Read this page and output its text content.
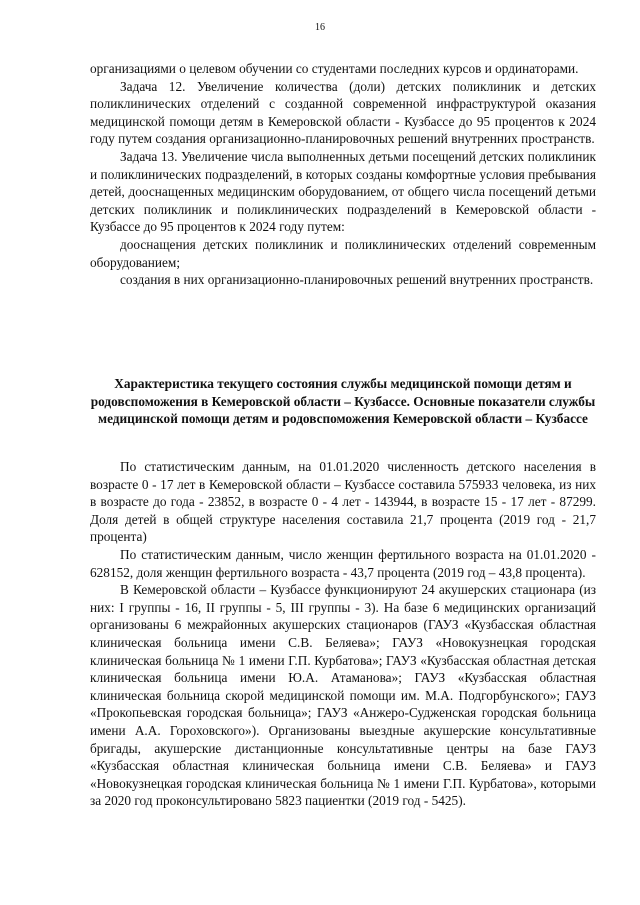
16

организациями о целевом обучении со студентами последних курсов и ординаторами.

Задача 12. Увеличение количества (доли) детских поликлиник и детских поликлинических отделений с созданной современной инфраструктурой оказания медицинской помощи детям в Кемеровской области - Кузбассе до 95 процентов к 2024 году путем создания организационно-планировочных решений внутренних пространств.

Задача 13. Увеличение числа выполненных детьми посещений детских поликлиник и поликлинических подразделений, в которых созданы комфортные условия пребывания детей, дооснащенных медицинским оборудованием, от общего числа посещений детьми детских поликлиник и поликлинических подразделений в Кемеровской области - Кузбассе до 95 процентов к 2024 году путем:

дооснащения детских поликлиник и поликлинических отделений современным оборудованием;

создания в них организационно-планировочных решений внутренних пространств.

Характеристика текущего состояния службы медицинской помощи детям и родовспоможения в Кемеровской области – Кузбассе. Основные показатели службы медицинской помощи детям и родовспоможения Кемеровской области – Кузбассе

По статистическим данным, на 01.01.2020 численность детского населения в возрасте 0 - 17 лет в Кемеровской области – Кузбассе составила 575933 человека, из них в возрасте до года - 23852, в возрасте 0 - 4 лет - 143944, в возрасте 15 - 17 лет - 87299. Доля детей в общей структуре населения составила 21,7 процента (2019 год - 21,7 процента)

По статистическим данным, число женщин фертильного возраста на 01.01.2020 - 628152, доля женщин фертильного возраста - 43,7 процента (2019 год – 43,8 процента).

В Кемеровской области – Кузбассе функционируют 24 акушерских стационара (из них: I группы - 16, II группы - 5, III группы - 3). На базе 6 медицинских организаций организованы 6 межрайонных акушерских стационаров (ГАУЗ «Кузбасская областная клиническая больница имени С.В. Беляева»; ГАУЗ «Новокузнецкая городская клиническая больница № 1 имени Г.П. Курбатова»; ГАУЗ «Кузбасская областная детская клиническая больница имени Ю.А. Атаманова»; ГАУЗ «Кузбасская областная клиническая больница скорой медицинской помощи им. М.А. Подгорбунского»; ГАУЗ «Прокопьевская городская больница»; ГАУЗ «Анжеро-Судженская городская больница имени А.А. Гороховского»). Организованы выездные акушерские консультативные бригады, акушерские дистанционные консультативные центры на базе ГАУЗ «Кузбасская областная клиническая больница имени С.В. Беляева» и ГАУЗ «Новокузнецкая городская клиническая больница № 1 имени Г.П. Курбатова», которыми за 2020 год проконсультировано 5823 пациентки (2019 год - 5425).
